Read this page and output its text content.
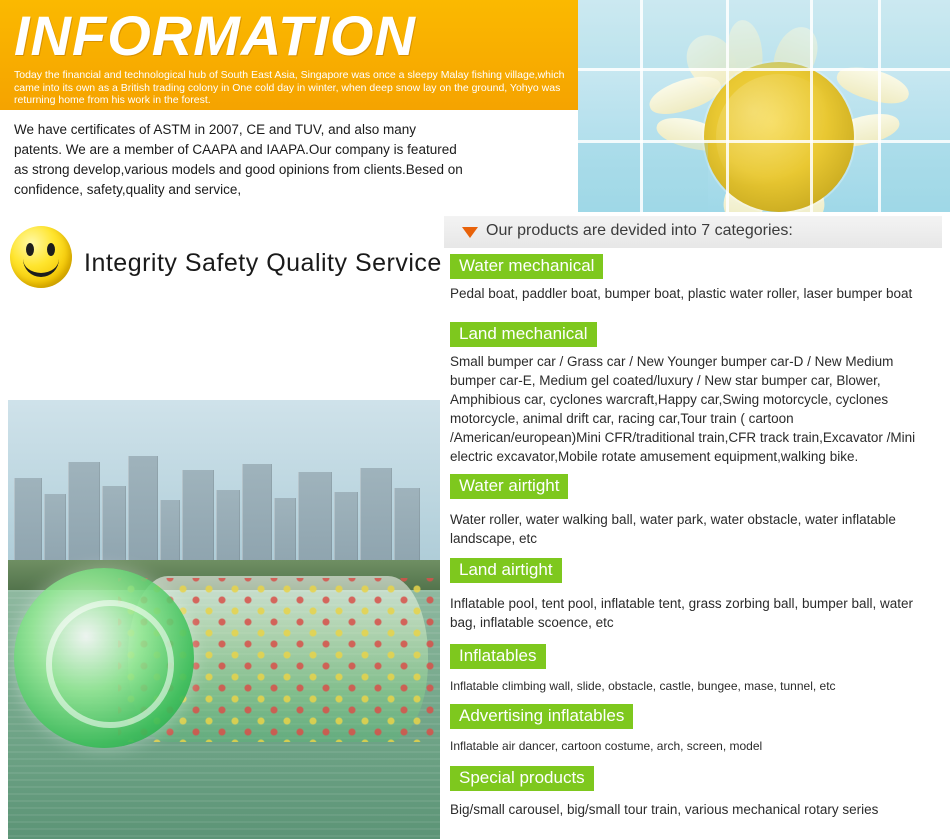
INFORMATION
Today the financial and technological hub of South East Asia, Singapore was once a sleepy Malay fishing village,which came into its own as a British trading colony in One cold day in winter, when deep snow lay on the ground, Yohyo was returning home from his work in the forest.
We have certificates of ASTM in 2007, CE and TUV, and also many patents. We are a member of CAAPA and IAAPA.Our company is featured as strong develop,various models and good opinions from clients.Besed on confidence, safety,quality and service,
Integrity Safety Quality Service
Our products are devided into 7 categories:
Water mechanical
Pedal boat, paddler boat, bumper boat, plastic water roller, laser bumper boat
Land mechanical
Small bumper car / Grass car / New Younger bumper car-D / New Medium bumper car-E, Medium gel coated/luxury / New star bumper car, Blower, Amphibious car, cyclones warcraft,Happy car,Swing motorcycle, cyclones motorcycle, animal drift car, racing car,Tour train ( cartoon /American/european)Mini CFR/traditional train,CFR track train,Excavator /Mini electric excavator,Mobile rotate amusement equipment,walking bike.
Water airtight
Water roller, water walking ball, water park, water obstacle, water inflatable landscape, etc
Land airtight
Inflatable pool, tent pool, inflatable tent, grass zorbing ball, bumper ball, water bag, inflatable scoence, etc
Inflatables
Inflatable climbing wall, slide, obstacle, castle, bungee, mase, tunnel, etc
Advertising inflatables
Inflatable air dancer, cartoon costume, arch, screen, model
Special products
Big/small carousel, big/small tour train, various mechanical rotary series
